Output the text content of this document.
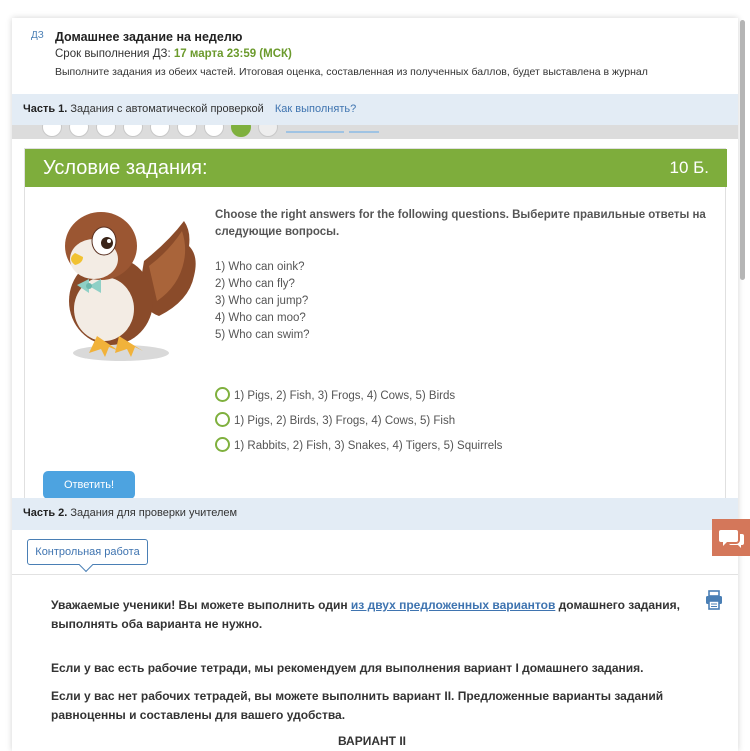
ДЗ Домашнее задание на неделю
Срок выполнения ДЗ: 17 марта 23:59 (МСК)
Выполните задания из обеих частей. Итоговая оценка, составленная из полученных баллов, будет выставлена в журнал
Часть 1. Задания с автоматической проверкой Как выполнять?
Условие задания:	10 Б.
Choose the right answers for the following questions. Выберите правильные ответы на следующие вопросы.
1) Who can oink?
2) Who can fly?
3) Who can jump?
4) Who can moo?
5) Who can swim?
1) Pigs, 2) Fish, 3) Frogs, 4) Cows, 5) Birds
1) Pigs, 2) Birds, 3) Frogs, 4) Cows, 5) Fish
1) Rabbits, 2) Fish, 3) Snakes, 4) Tigers, 5) Squirrels
Ответить!
Часть 2. Задания для проверки учителем
Контрольная работа

Уважаемые ученики! Вы можете выполнить один из двух предложенных вариантов домашнего задания, выполнять оба варианта не нужно.

Если у вас есть рабочие тетради, мы рекомендуем для выполнения вариант I домашнего задания.

Если у вас нет рабочих тетрадей, вы можете выполнить вариант II. Предложенные варианты заданий равноценны и составлены для вашего удобства.

ВАРИАНТ II
